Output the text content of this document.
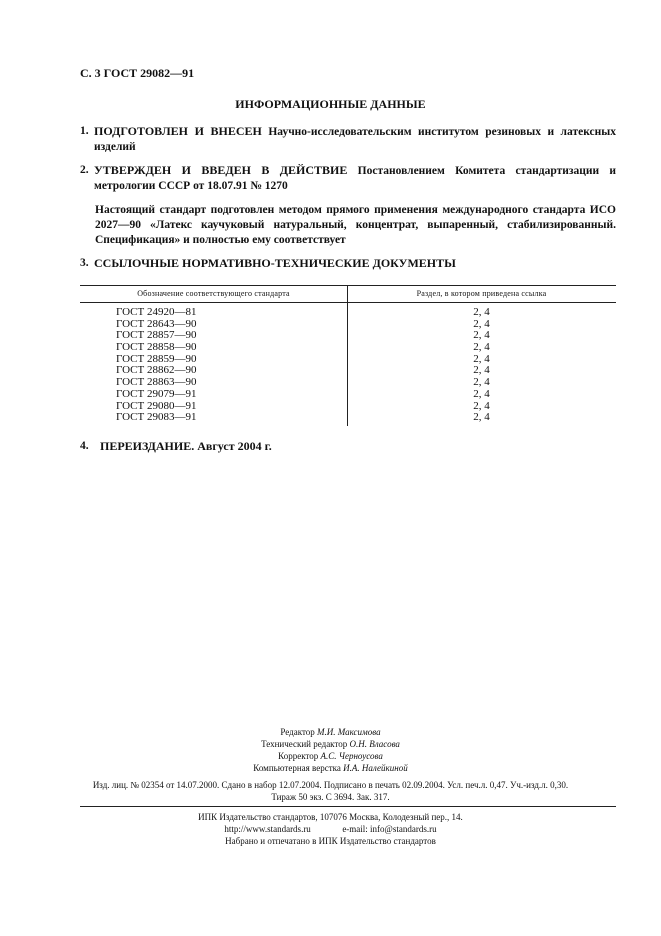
С. 3 ГОСТ 29082—91
ИНФОРМАЦИОННЫЕ ДАННЫЕ
1. ПОДГОТОВЛЕН И ВНЕСЕН Научно-исследовательским институтом резиновых и латексных изделий
2. УТВЕРЖДЕН И ВВЕДЕН В ДЕЙСТВИЕ Постановлением Комитета стандартизации и метрологии СССР от 18.07.91 № 1270
Настоящий стандарт подготовлен методом прямого применения международного стандарта ИСО 2027—90 «Латекс каучуковый натуральный, концентрат, выпаренный, стабилизированный. Спецификация» и полностью ему соответствует
3. ССЫЛОЧНЫЕ НОРМАТИВНО-ТЕХНИЧЕСКИЕ ДОКУМЕНТЫ
Обозначение соответствующего стандарта	Раздел, в котором приведена ссылка
ГОСТ 24920—81	2, 4
ГОСТ 28643—90	2, 4
ГОСТ 28857—90	2, 4
ГОСТ 28858—90	2, 4
ГОСТ 28859—90	2, 4
ГОСТ 28862—90	2, 4
ГОСТ 28863—90	2, 4
ГОСТ 29079—91	2, 4
ГОСТ 29080—91	2, 4
ГОСТ 29083—91	2, 4
4. ПЕРЕИЗДАНИЕ. Август 2004 г.
Редактор М.И. Максимова
Технический редактор О.Н. Власова
Корректор А.С. Черноусова
Компьютерная верстка И.А. Налейкиной
Изд. лиц. № 02354 от 14.07.2000. Сдано в набор 12.07.2004. Подписано в печать 02.09.2004. Усл. печ.л. 0,47. Уч.-изд.л. 0,30.
Тираж 50 экз. С 3694. Зак. 317.
ИПК Издательство стандартов, 107076 Москва, Колодезный пер., 14.
http://www.standards.ru	e-mail: info@standards.ru
Набрано и отпечатано в ИПК Издательство стандартов
